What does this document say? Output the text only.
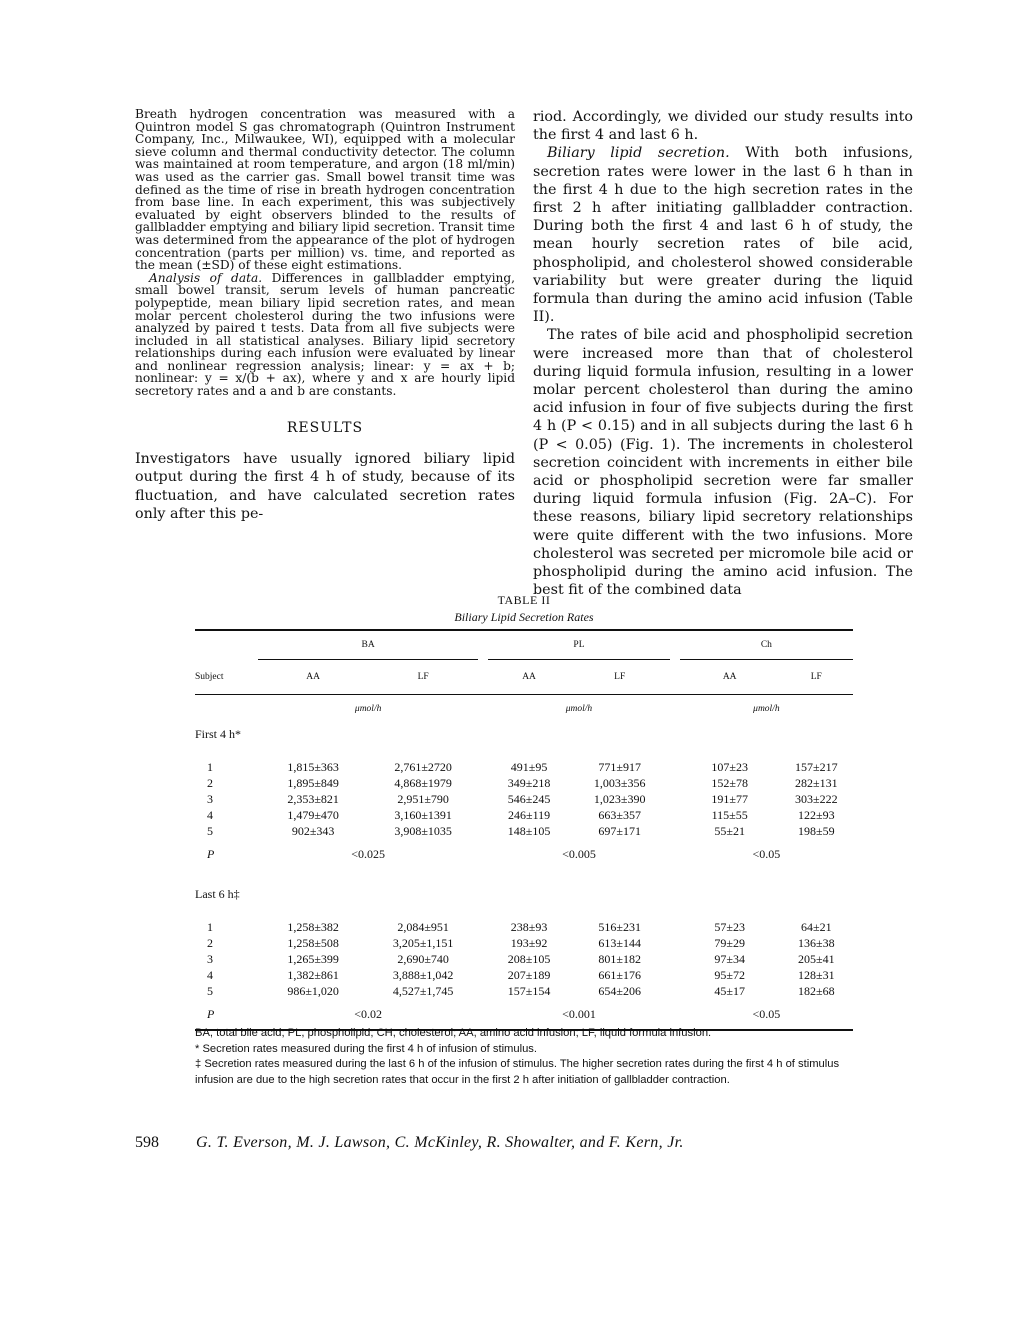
Breath hydrogen concentration was measured with a Quintron model S gas chromatograph (Quintron Instrument Company, Inc., Milwaukee, WI), equipped with a molecular sieve column and thermal conductivity detector. The column was maintained at room temperature, and argon (18 ml/min) was used as the carrier gas. Small bowel transit time was defined as the time of rise in breath hydrogen concentration from base line. In each experiment, this was subjectively evaluated by eight observers blinded to the results of gallbladder emptying and biliary lipid secretion. Transit time was determined from the appearance of the plot of hydrogen concentration (parts per million) vs. time, and reported as the mean (±SD) of these eight estimations.

Analysis of data. Differences in gallbladder emptying, small bowel transit, serum levels of human pancreatic polypeptide, mean biliary lipid secretion rates, and mean molar percent cholesterol during the two infusions were analyzed by paired t tests. Data from all five subjects were included in all statistical analyses. Biliary lipid secretory relationships during each infusion were evaluated by linear and nonlinear regression analysis; linear: y = ax + b; nonlinear: y = x/(b + ax), where y and x are hourly lipid secretory rates and a and b are constants.

RESULTS

Investigators have usually ignored biliary lipid output during the first 4 h of study, because of its fluctuation, and have calculated secretion rates only after this pe-

riod. Accordingly, we divided our study results into the first 4 and last 6 h.

Biliary lipid secretion. With both infusions, secretion rates were lower in the last 6 h than in the first 4 h due to the high secretion rates in the first 2 h after initiating gallbladder contraction. During both the first 4 and last 6 h of study, the mean hourly secretion rates of bile acid, phospholipid, and cholesterol showed considerable variability but were greater during the liquid formula than during the amino acid infusion (Table II).

The rates of bile acid and phospholipid secretion were increased more than that of cholesterol during liquid formula infusion, resulting in a lower molar percent cholesterol than during the amino acid infusion in four of five subjects during the first 4 h (P < 0.15) and in all subjects during the last 6 h (P < 0.05) (Fig. 1). The increments in cholesterol secretion coincident with increments in either bile acid or phospholipid secretion were far smaller during liquid formula infusion (Fig. 2A–C). For these reasons, biliary lipid secretory relationships were quite different with the two infusions. More cholesterol was secreted per micromole bile acid or phospholipid during the amino acid infusion. The best fit of the combined data

TABLE II
Biliary Lipid Secretion Rates
	BA			PL			Ch	
Subject	AA	LF		AA	LF		AA	LF
	μmol/h			μmol/h			μmol/h	
First 4 h*								

1	1,815±363	2,761±2720		491±95	771±917		107±23	157±217
2	1,895±849	4,868±1979		349±218	1,003±356		152±78	282±131
3	2,353±821	2,951±790		546±245	1,023±390		191±77	303±222
4	1,479±470	3,160±1391		246±119	663±357		115±55	122±93
5	902±343	3,908±1035		148±105	697±171		55±21	198±59
P	<0.025			<0.005			<0.05	

Last 6 h‡								

1	1,258±382	2,084±951		238±93	516±231		57±23	64±21
2	1,258±508	3,205±1,151		193±92	613±144		79±29	136±38
3	1,265±399	2,690±740		208±105	801±182		97±34	205±41
4	1,382±861	3,888±1,042		207±189	661±176		95±72	128±31
5	986±1,020	4,527±1,745		157±154	654±206		45±17	182±68
P	<0.02			<0.001			<0.05	

BA, total bile acid; PL, phospholipid; CH, cholesterol; AA, amino acid infusion; LF, liquid formula infusion.

* Secretion rates measured during the first 4 h of infusion of stimulus.

‡ Secretion rates measured during the last 6 h of the infusion of stimulus. The higher secretion rates during the first 4 h of stimulus infusion are due to the high secretion rates that occur in the first 2 h after initiation of gallbladder contraction.

598 G. T. Everson, M. J. Lawson, C. McKinley, R. Showalter, and F. Kern, Jr.
